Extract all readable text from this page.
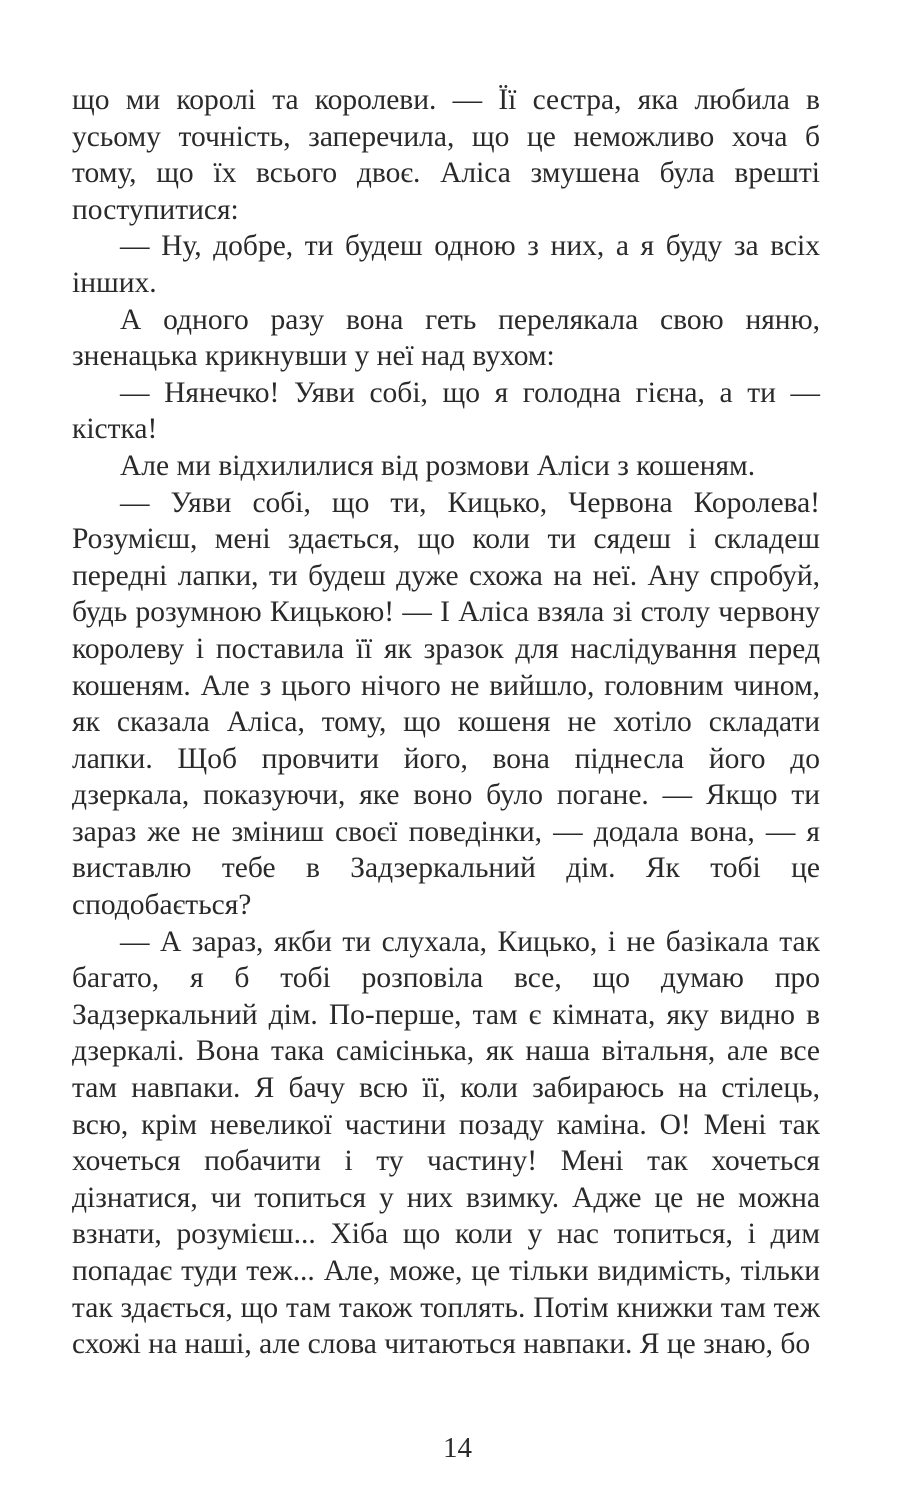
що ми королі та королеви. — Її сестра, яка любила в усьому точність, заперечила, що це неможливо хоча б тому, що їх всього двоє. Аліса змушена була врешті поступитися:

— Ну, добре, ти будеш одною з них, а я буду за всіх інших.

А одного разу вона геть перелякала свою няню, зненацька крикнувши у неї над вухом:

— Нянечко! Уяви собі, що я голодна гієна, а ти — кістка!

Але ми відхилилися від розмови Аліси з кошеням.

— Уяви собі, що ти, Кицько, Червона Королева! Розумієш, мені здається, що коли ти сядеш і складеш передні лапки, ти будеш дуже схожа на неї. Ану спробуй, будь розумною Кицькою! — І Аліса взяла зі столу червону королеву і поставила її як зразок для наслідування перед кошеням. Але з цього нічого не вийшло, головним чином, як сказала Аліса, тому, що кошеня не хотіло складати лапки. Щоб провчити його, вона піднесла його до дзеркала, показуючи, яке воно було погане. — Якщо ти зараз же не зміниш своєї поведінки, — додала вона, — я виставлю тебе в Задзеркальний дім. Як тобі це сподобається?

— А зараз, якби ти слухала, Кицько, і не базікала так багато, я б тобі розповіла все, що думаю про Задзеркальний дім. По-перше, там є кімната, яку видно в дзеркалі. Вона така самісінька, як наша вітальня, але все там навпаки. Я бачу всю її, коли забираюсь на стілець, всю, крім невеликої частини позаду каміна. О! Мені так хочеться побачити і ту частину! Мені так хочеться дізнатися, чи топиться у них взимку. Адже це не можна взнати, розумієш... Хіба що коли у нас топиться, і дим попадає туди теж... Але, може, це тільки видимість, тільки так здається, що там також топлять. Потім книжки там теж схожі на наші, але слова читаються навпаки. Я це знаю, бо

14
